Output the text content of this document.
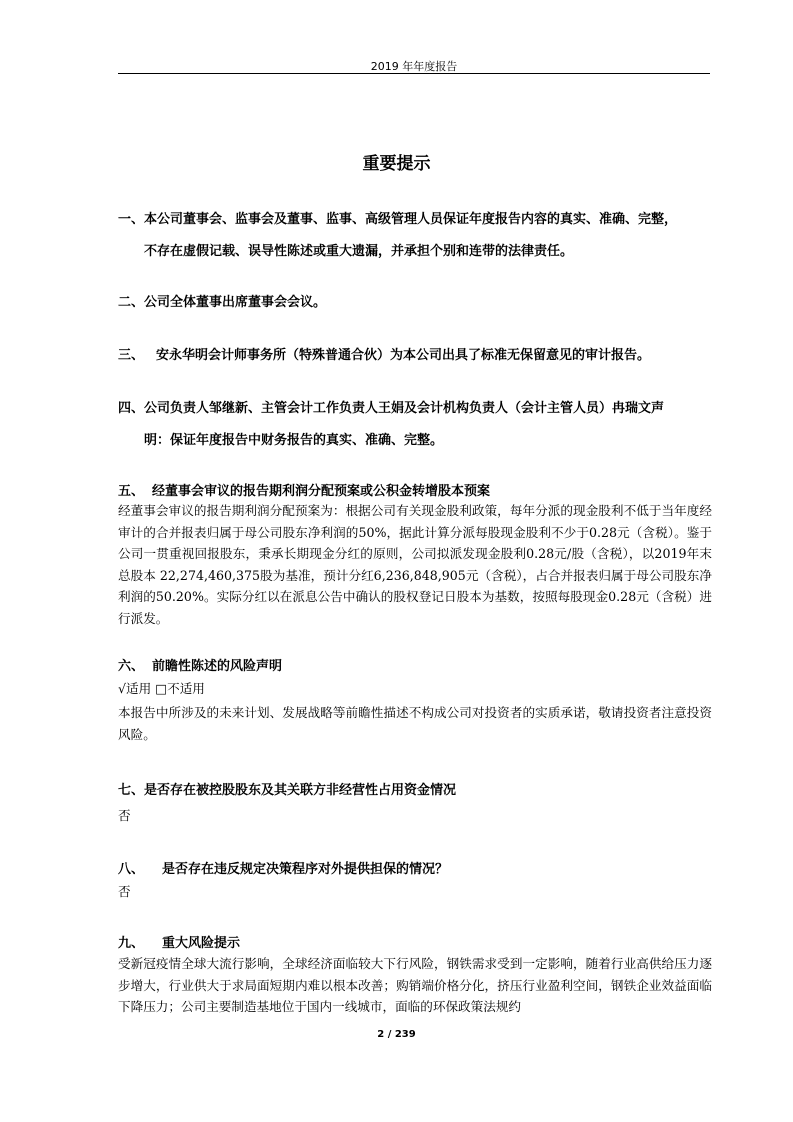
2019 年年度报告
重要提示
一、本公司董事会、监事会及董事、监事、高级管理人员保证年度报告内容的真实、准确、完整，
不存在虚假记载、误导性陈述或重大遗漏，并承担个别和连带的法律责任。
二、公司全体董事出席董事会会议。
三、 安永华明会计师事务所（特殊普通合伙）为本公司出具了标准无保留意见的审计报告。
四、公司负责人邹继新、主管会计工作负责人王娟及会计机构负责人（会计主管人员）冉瑞文声
明：保证年度报告中财务报告的真实、准确、完整。
五、 经董事会审议的报告期利润分配预案或公积金转增股本预案
经董事会审议的报告期利润分配预案为：根据公司有关现金股利政策，每年分派的现金股利不低于当年度经审计的合并报表归属于母公司股东净利润的50%，据此计算分派每股现金股利不少于0.28元（含税）。鉴于公司一贯重视回报股东，秉承长期现金分红的原则，公司拟派发现金股利0.28元/股（含税），以2019年末总股本 22,274,460,375股为基准，预计分红6,236,848,905元（含税），占合并报表归属于母公司股东净利润的50.20%。实际分红以在派息公告中确认的股权登记日股本为基数，按照每股现金0.28元（含税）进行派发。
六、 前瞻性陈述的风险声明
√适用 □不适用
本报告中所涉及的未来计划、发展战略等前瞻性描述不构成公司对投资者的实质承诺，敬请投资者注意投资风险。
七、是否存在被控股股东及其关联方非经营性占用资金情况
否
八、 是否存在违反规定决策程序对外提供担保的情况？
否
九、 重大风险提示
受新冠疫情全球大流行影响，全球经济面临较大下行风险，钢铁需求受到一定影响，随着行业高供给压力逐步增大，行业供大于求局面短期内难以根本改善；购销端价格分化，挤压行业盈利空间，钢铁企业效益面临下降压力；公司主要制造基地位于国内一线城市，面临的环保政策法规约
2 / 239
